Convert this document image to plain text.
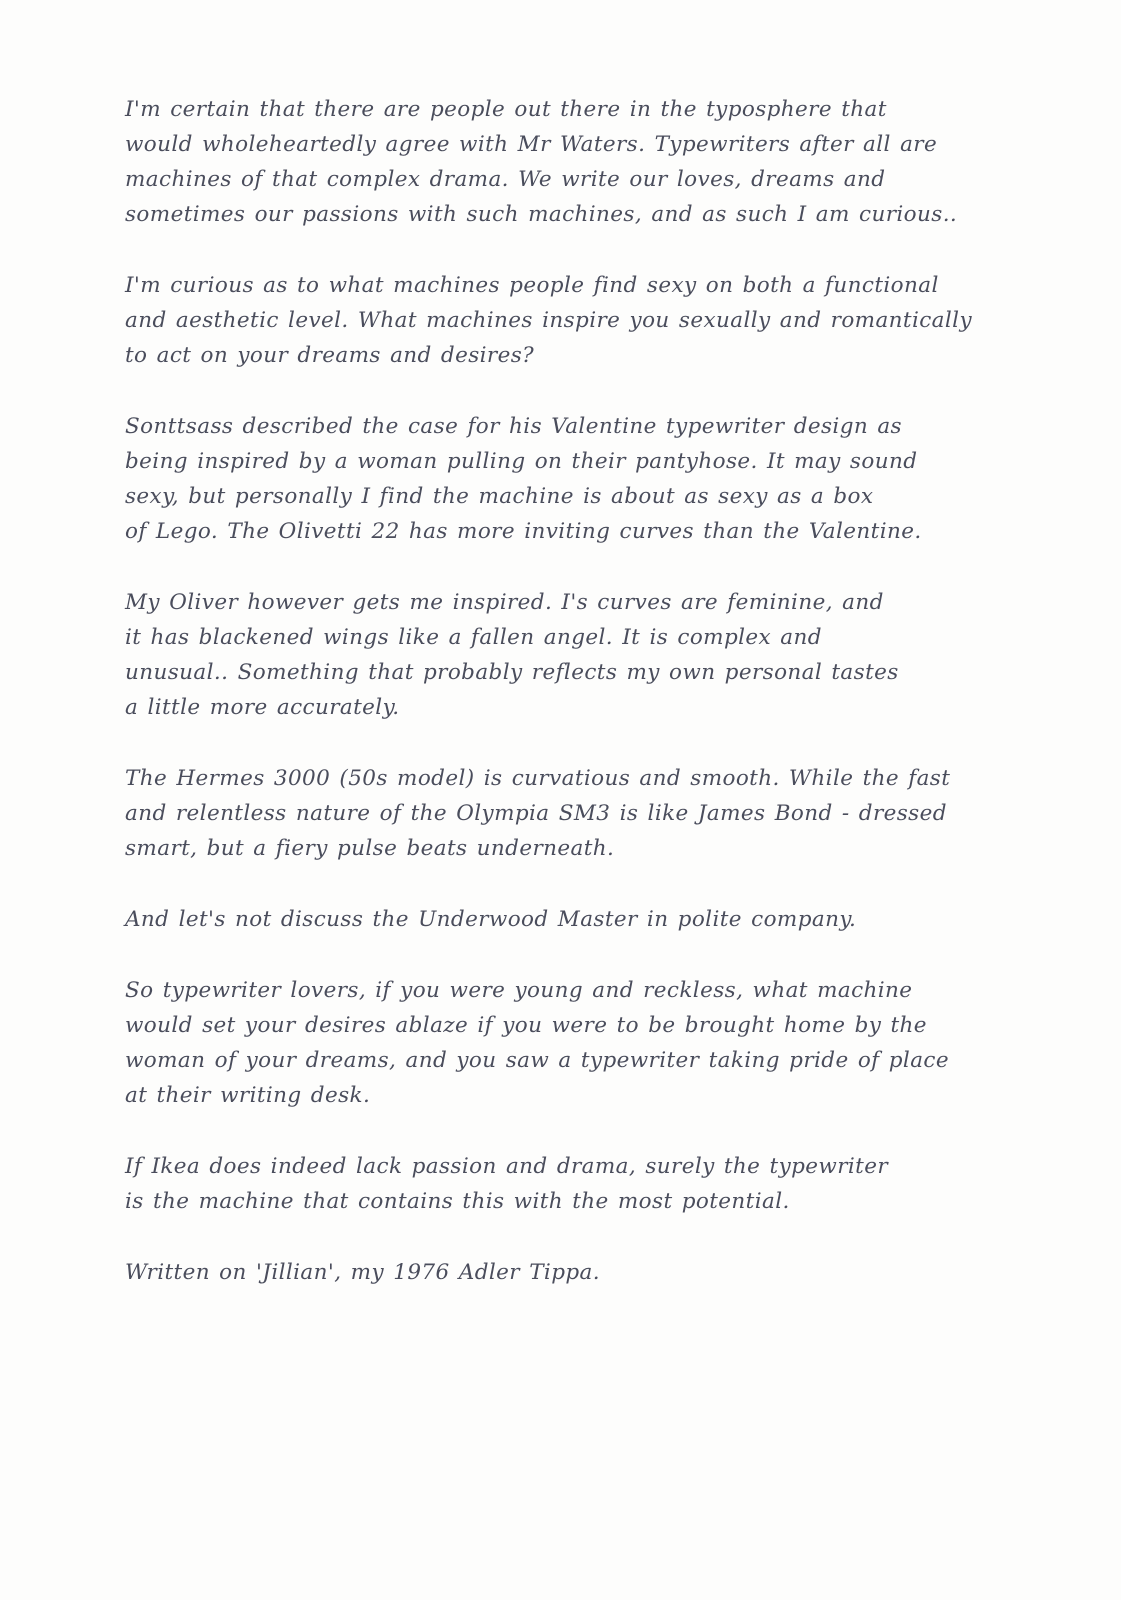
I'm certain that there are people out there in the typosphere that
would wholeheartedly agree with Mr Waters. Typewriters after all are
machines of that complex drama. We write our loves, dreams and
sometimes our passions with such machines, and as such I am curious..

I'm curious as to what machines people find sexy on both a functional
and aesthetic level. What machines inspire you sexually and romantically
to act on your dreams and desires?

Sonttsass described the case for his Valentine typewriter design as
being inspired by a woman pulling on their pantyhose. It may sound
sexy, but personally I find the machine is about as sexy as a box
of Lego. The Olivetti 22 has more inviting curves than the Valentine.

My Oliver however gets me inspired. I's curves are feminine, and
it has blackened wings like a fallen angel. It is complex and
unusual.. Something that probably reflects my own personal tastes
a little more accurately.

The Hermes 3000 (50s model) is curvatious and smooth. While the fast
and relentless nature of the Olympia SM3 is like James Bond - dressed
smart, but a fiery pulse beats underneath.

And let's not discuss the Underwood Master in polite company.

So typewriter lovers, if you were young and reckless, what machine
would set your desires ablaze if you were to be brought home by the
woman of your dreams, and you saw a typewriter taking pride of place
at their writing desk.

If Ikea does indeed lack passion and drama, surely the typewriter
is the machine that contains this with the most potential.

Written on 'Jillian', my 1976 Adler Tippa.
